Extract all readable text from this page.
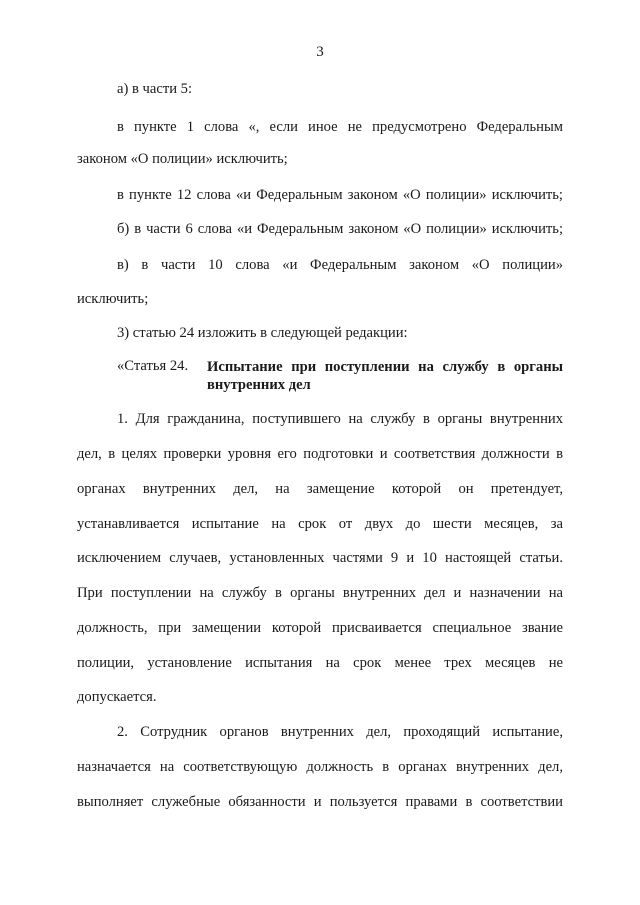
3
а) в части 5:
в пункте 1 слова «, если иное не предусмотрено Федеральным
законом «О полиции» исключить;
в пункте 12 слова «и Федеральным законом «О полиции» исключить;
б) в части 6 слова «и Федеральным законом «О полиции» исключить;
в) в части 10 слова «и Федеральным законом «О полиции»
исключить;
3) статью 24 изложить в следующей редакции:
«Статья 24. Испытание при поступлении на службу в органы
внутренних дел
1. Для гражданина, поступившего на службу в органы внутренних
дел, в целях проверки уровня его подготовки и соответствия должности в
органах внутренних дел, на замещение которой он претендует,
устанавливается испытание на срок от двух до шести месяцев, за
исключением случаев, установленных частями 9 и 10 настоящей статьи.
При поступлении на службу в органы внутренних дел и назначении на
должность, при замещении которой присваивается специальное звание
полиции, установление испытания на срок менее трех месяцев не
допускается.
2. Сотрудник органов внутренних дел, проходящий испытание,
назначается на соответствующую должность в органах внутренних дел,
выполняет служебные обязанности и пользуется правами в соответствии
